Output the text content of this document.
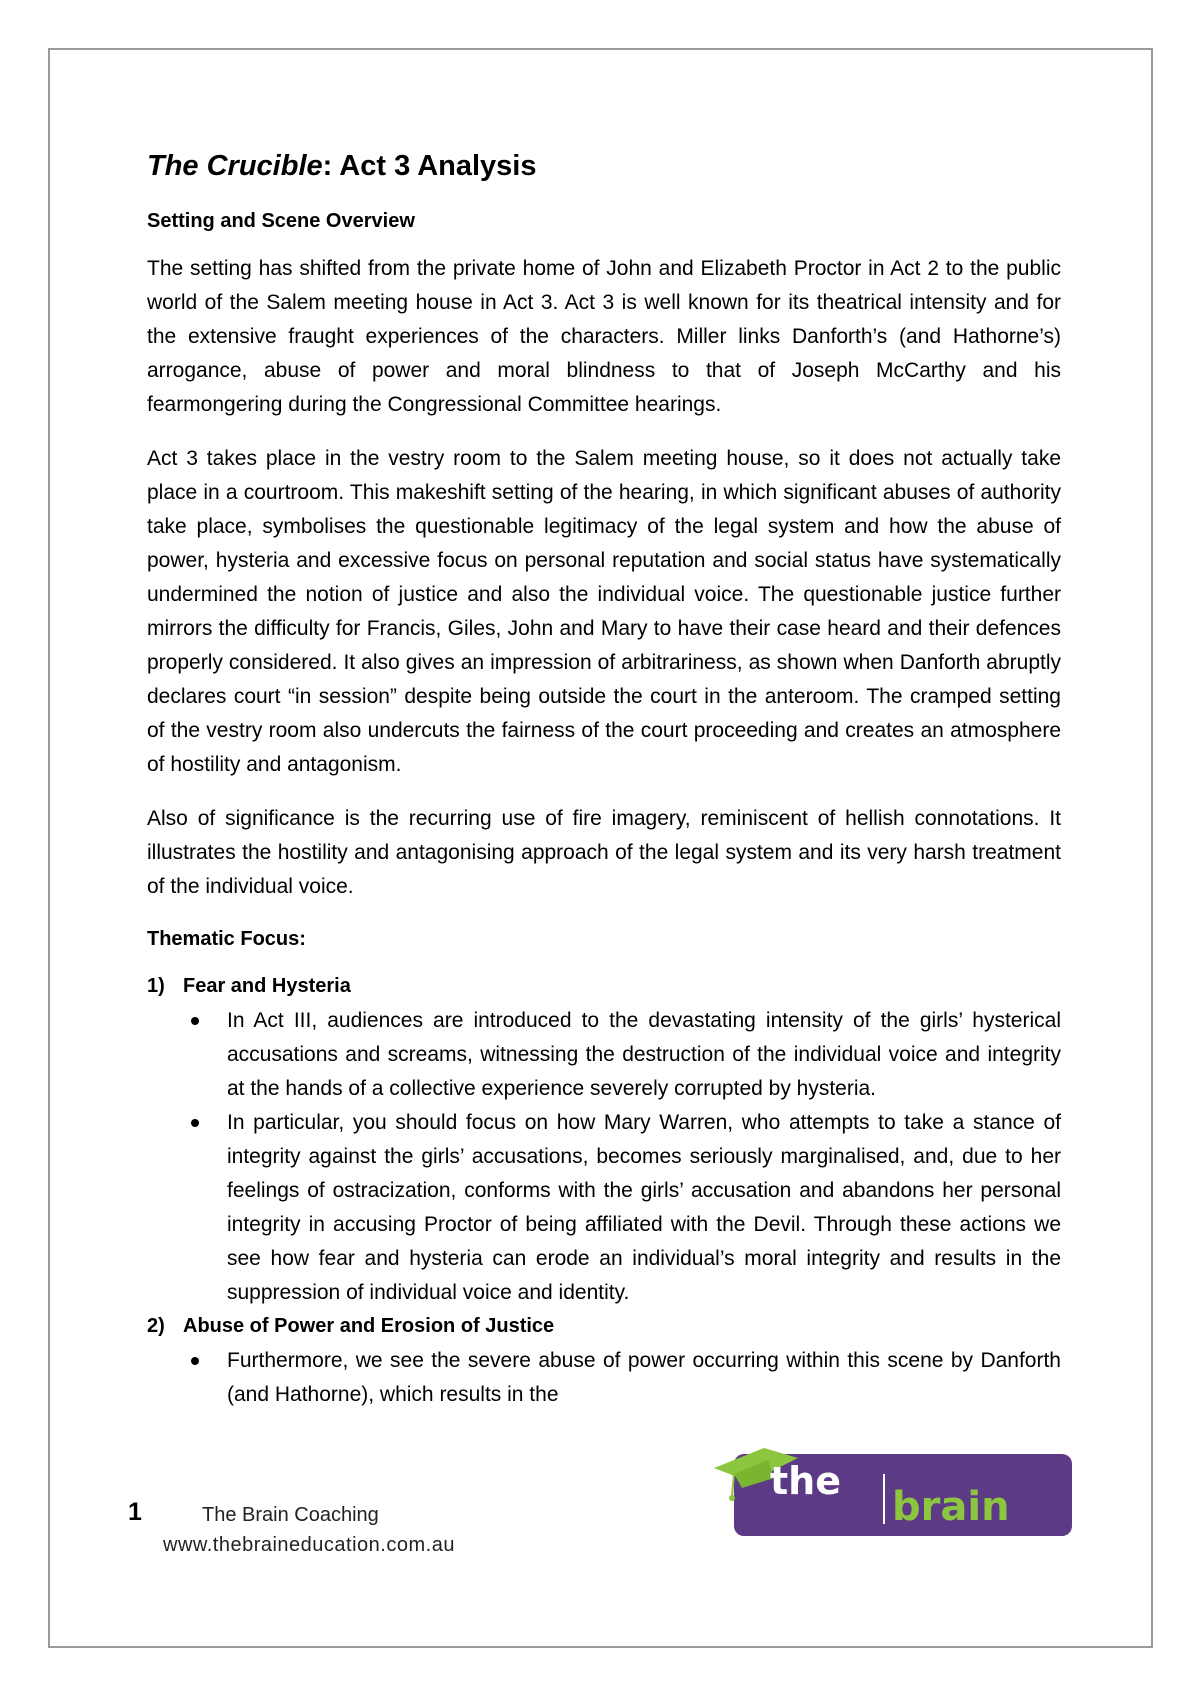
The Crucible: Act 3 Analysis
Setting and Scene Overview

The setting has shifted from the private home of John and Elizabeth Proctor in Act 2 to the public world of the Salem meeting house in Act 3. Act 3 is well known for its theatrical intensity and for the extensive fraught experiences of the characters. Miller links Danforth’s (and Hathorne’s) arrogance, abuse of power and moral blindness to that of Joseph McCarthy and his fearmongering during the Congressional Committee hearings.

Act 3 takes place in the vestry room to the Salem meeting house, so it does not actually take place in a courtroom. This makeshift setting of the hearing, in which significant abuses of authority take place, symbolises the questionable legitimacy of the legal system and how the abuse of power, hysteria and excessive focus on personal reputation and social status have systematically undermined the notion of justice and also the individual voice. The questionable justice further mirrors the difficulty for Francis, Giles, John and Mary to have their case heard and their defences properly considered. It also gives an impression of arbitrariness, as shown when Danforth abruptly declares court “in session” despite being outside the court in the anteroom. The cramped setting of the vestry room also undercuts the fairness of the court proceeding and creates an atmosphere of hostility and antagonism.

Also of significance is the recurring use of fire imagery, reminiscent of hellish connotations. It illustrates the hostility and antagonising approach of the legal system and its very harsh treatment of the individual voice.

Thematic Focus:
1) Fear and Hysteria
In Act III, audiences are introduced to the devastating intensity of the girls’ hysterical accusations and screams, witnessing the destruction of the individual voice and integrity at the hands of a collective experience severely corrupted by hysteria.
In particular, you should focus on how Mary Warren, who attempts to take a stance of integrity against the girls’ accusations, becomes seriously marginalised, and, due to her feelings of ostracization, conforms with the girls’ accusation and abandons her personal integrity in accusing Proctor of being affiliated with the Devil. Through these actions we see how fear and hysteria can erode an individual’s moral integrity and results in the suppression of individual voice and identity.
2) Abuse of Power and Erosion of Justice
Furthermore, we see the severe abuse of power occurring within this scene by Danforth (and Hathorne), which results in the
1	The Brain Coaching
www.thebraineducation.com.au
the
brain
